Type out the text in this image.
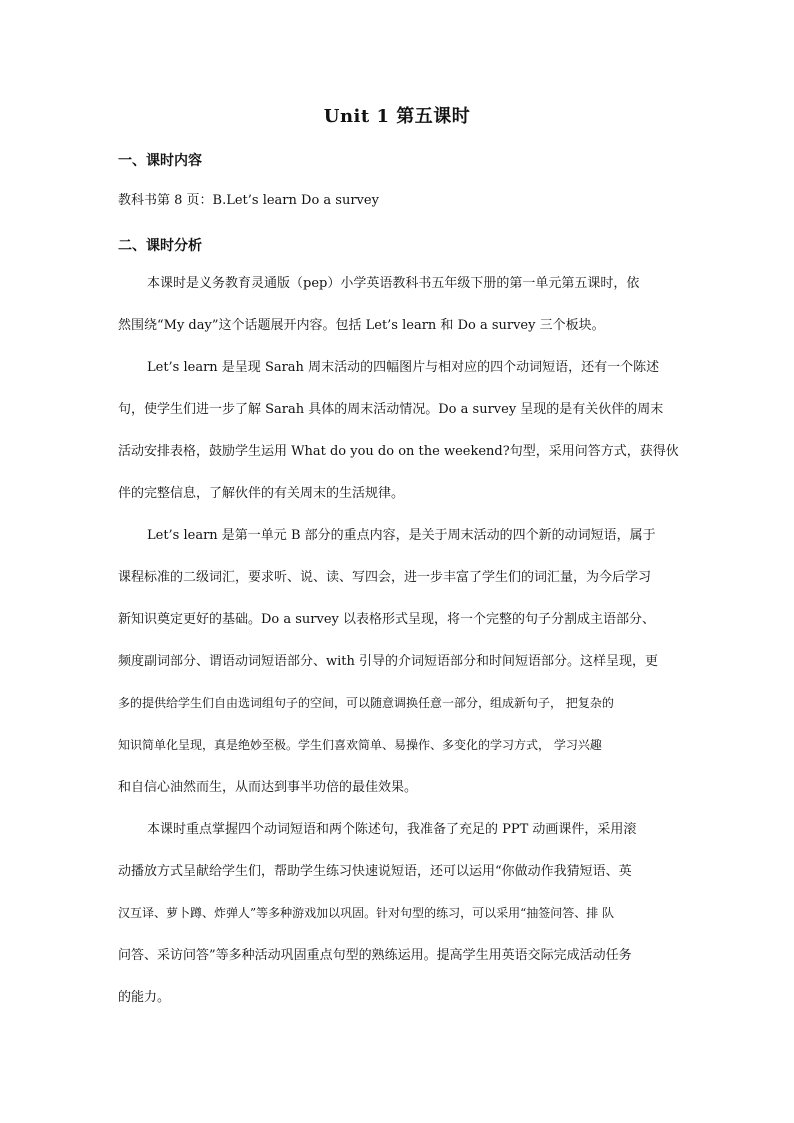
Unit 1 第五课时
一、课时内容
教科书第 8 页：B.Let’s learn Do a survey
二、课时分析
本课时是义务教育灵通版（pep）小学英语教科书五年级下册的第一单元第五课时，依
然围绕“My day”这个话题展开内容。包括 Let’s learn 和 Do a survey 三个板块。
Let’s learn 是呈现 Sarah 周末活动的四幅图片与相对应的四个动词短语，还有一个陈述
句，使学生们进一步了解 Sarah 具体的周末活动情况。Do a survey 呈现的是有关伙伴的周末
活动安排表格，鼓励学生运用 What do you do on the weekend?句型，采用问答方式，获得伙
伴的完整信息，了解伙伴的有关周末的生活规律。
Let’s learn 是第一单元 B 部分的重点内容，是关于周末活动的四个新的动词短语，属于
课程标准的二级词汇，要求听、说、读、写四会，进一步丰富了学生们的词汇量，为今后学习
新知识奠定更好的基础。Do a survey 以表格形式呈现，将一个完整的句子分割成主语部分、
频度副词部分、谓语动词短语部分、with 引导的介词短语部分和时间短语部分。这样呈现，更
多的提供给学生们自由选词组句子的空间，可以随意调换任意一部分，组成新句子， 把复杂的
知识简单化呈现，真是绝妙至极。学生们喜欢简单、易操作、多变化的学习方式， 学习兴趣
和自信心油然而生，从而达到事半功倍的最佳效果。
本课时重点掌握四个动词短语和两个陈述句，我准备了充足的 PPT 动画课件，采用滚
动播放方式呈献给学生们，帮助学生练习快速说短语，还可以运用“你做动作我猜短语、英
汉互译、萝卜蹲、炸弹人”等多种游戏加以巩固。针对句型的练习，可以采用“抽签问答、排 队
问答、采访问答”等多种活动巩固重点句型的熟练运用。提高学生用英语交际完成活动任务
的能力。
